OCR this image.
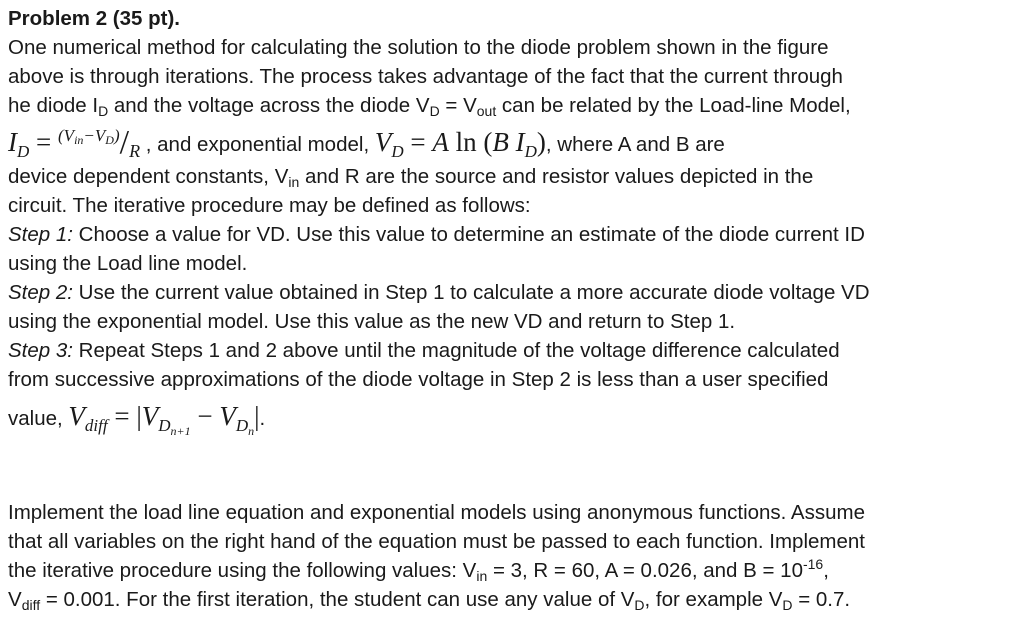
Problem 2 (35 pt).
One numerical method for calculating the solution to the diode problem shown in the figure
above is through iterations. The process takes advantage of the fact that the current through
he diode $I_D$ and the voltage across the diode $V_D = V_{out}$ can be related by the Load-line Model,
$I_D = ^{(V_{in}-V_D)}/R$ , and exponential model, $V_D = A$ ln (B $I_D$), where A and B are
device dependent constants, $V_{in}$ and R are the source and resistor values depicted in the
circuit. The iterative procedure may be defined as follows:
Step 1: Choose a value for VD. Use this value to determine an estimate of the diode current ID
using the Load line model.
Step 2: Use the current value obtained in Step 1 to calculate a more accurate diode voltage VD
using the exponential model. Use this value as the new VD and return to Step 1.
Step 3: Repeat Steps 1 and 2 above until the magnitude of the voltage difference calculated
from successive approximations of the diode voltage in Step 2 is less than a user specified
value, $V_{diff} = |V_{D_{n+1}} - V_{D_n}|$.
Implement the load line equation and exponential models using anonymous functions. Assume
that all variables on the right hand of the equation must be passed to each function. Implement
the iterative procedure using the following values: $V_{in} = 3$, R = 60, A = 0.026, and $B = 10^{-16}$,
$V_{diff} = 0.001$. For the first iteration, the student can use any value of $V_D$, for example $V_D = 0.7$.
